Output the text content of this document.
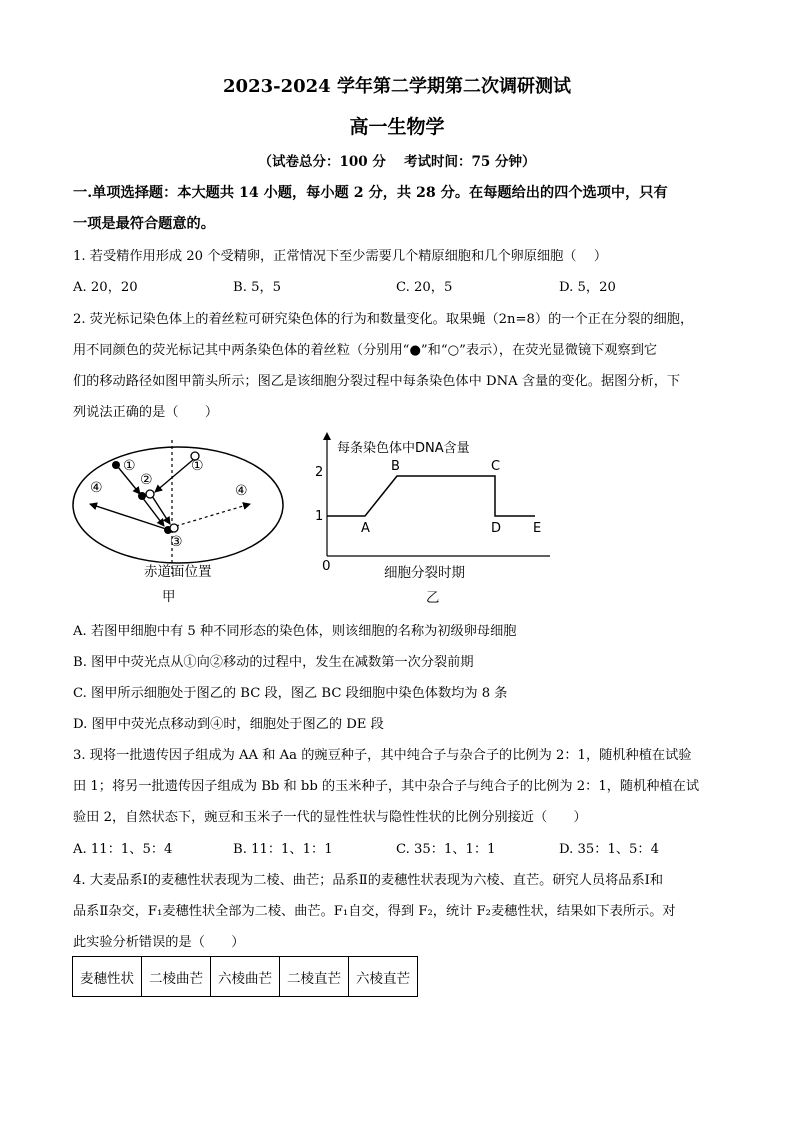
2023-2024 学年第二学期第二次调研测试
高一生物学
（试卷总分：100 分　 考试时间：75 分钟）
一.单项选择题：本大题共 14 小题，每小题 2 分，共 28 分。在每题给出的四个选项中，只有
一项是最符合题意的。
1. 若受精作用形成 20 个受精卵，正常情况下至少需要几个精原细胞和几个卵原细胞（　 ）
A. 20，20	B. 5，5	C. 20，5	D. 5，20
2. 荧光标记染色体上的着丝粒可研究染色体的行为和数量变化。取果蝇（2n=8）的一个正在分裂的细胞，
用不同颜色的荧光标记其中两条染色体的着丝粒（分别用“●”和“○”表示），在荧光显微镜下观察到它
们的移动路径如图甲箭头所示；图乙是该细胞分裂过程中每条染色体中 DNA 含量的变化。据图分析，下
列说法正确的是（　　）
①
②
③
④
①
④
赤道面位置
甲
每条染色体中DNA含量
2
1
A
B	C
D E
0	细胞分裂时期
乙
A. 若图甲细胞中有 5 种不同形态的染色体，则该细胞的名称为初级卵母细胞
B. 图甲中荧光点从①向②移动的过程中，发生在减数第一次分裂前期
C. 图甲所示细胞处于图乙的 BC 段，图乙 BC 段细胞中染色体数均为 8 条
D. 图甲中荧光点移动到④时，细胞处于图乙的 DE 段
3. 现将一批遗传因子组成为 AA 和 Aa 的豌豆种子，其中纯合子与杂合子的比例为 2：1，随机种植在试验
田 1；将另一批遗传因子组成为 Bb 和 bb 的玉米种子，其中杂合子与纯合子的比例为 2：1，随机种植在试
验田 2，自然状态下，豌豆和玉米子一代的显性性状与隐性性状的比例分别接近（　　）
A. 11：1、5：4	B. 11：1、1：1	C. 35：1、1：1	D. 35：1、5：4
4. 大麦品系Ⅰ的麦穗性状表现为二棱、曲芒；品系Ⅱ的麦穗性状表现为六棱、直芒。研究人员将品系Ⅰ和
品系Ⅱ杂交，F₁麦穗性状全部为二棱、曲芒。F₁自交，得到 F₂，统计 F₂麦穗性状，结果如下表所示。对
此实验分析错误的是（　　）
麦穗性状	二棱曲芒	六棱曲芒	二棱直芒	六棱直芒
